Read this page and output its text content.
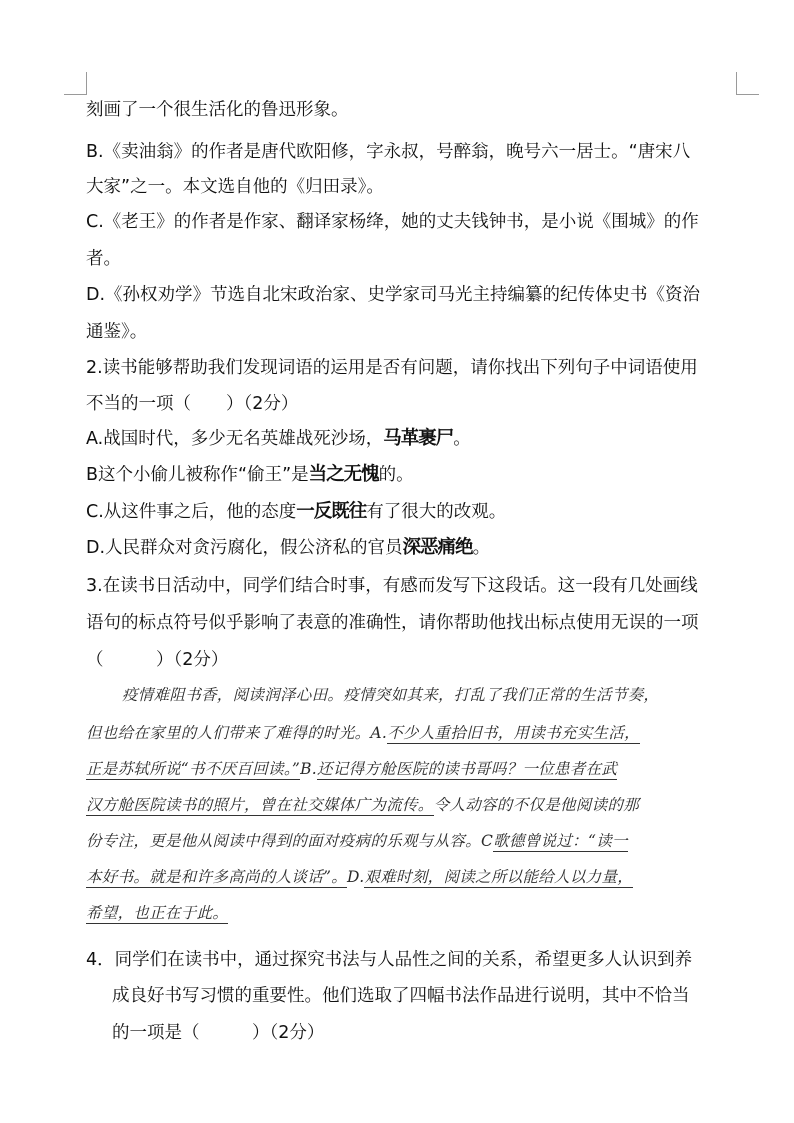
刻画了一个很生活化的鲁迅形象。
B.《卖油翁》的作者是唐代欧阳修，字永叔，号醉翁，晚号六一居士。“唐宋八
大家”之一。本文选自他的《归田录》。
C.《老王》的作者是作家、翻译家杨绛，她的丈夫钱钟书，是小说《围城》的作
者。
D.《孙权劝学》节选自北宋政治家、史学家司马光主持编纂的纪传体史书《资治
通鉴》。
2.读书能够帮助我们发现词语的运用是否有问题，请你找出下列句子中词语使用
不当的一项（　　）（2分）
A.战国时代，多少无名英雄战死沙场，马革裹尸。
B这个小偷儿被称作“偷王”是当之无愧的。
C.从这件事之后，他的态度一反既往有了很大的改观。
D.人民群众对贪污腐化，假公济私的官员深恶痛绝。
3.在读书日活动中，同学们结合时事，有感而发写下这段话。这一段有几处画线
语句的标点符号似乎影响了表意的准确性，请你帮助他找出标点使用无误的一项
（　　　）（2分）
疫情难阻书香，阅读润泽心田。疫情突如其来，打乱了我们正常的生活节奏，
但也给在家里的人们带来了难得的时光。A.不少人重拾旧书，用读书充实生活，
正是苏轼所说“书不厌百回读。”B.还记得方舱医院的读书哥吗？一位患者在武
汉方舱医院读书的照片，曾在社交媒体广为流传。令人动容的不仅是他阅读的那
份专注，更是他从阅读中得到的面对疫病的乐观与从容。C歌德曾说过：“读一
本好书。就是和许多高尚的人谈话”。D.艰难时刻，阅读之所以能给人以力量，
希望，也正在于此。
4．同学们在读书中，通过探究书法与人品性之间的关系，希望更多人认识到养
成良好书写习惯的重要性。他们选取了四幅书法作品进行说明，其中不恰当
的一项是（　　　）（2分）
